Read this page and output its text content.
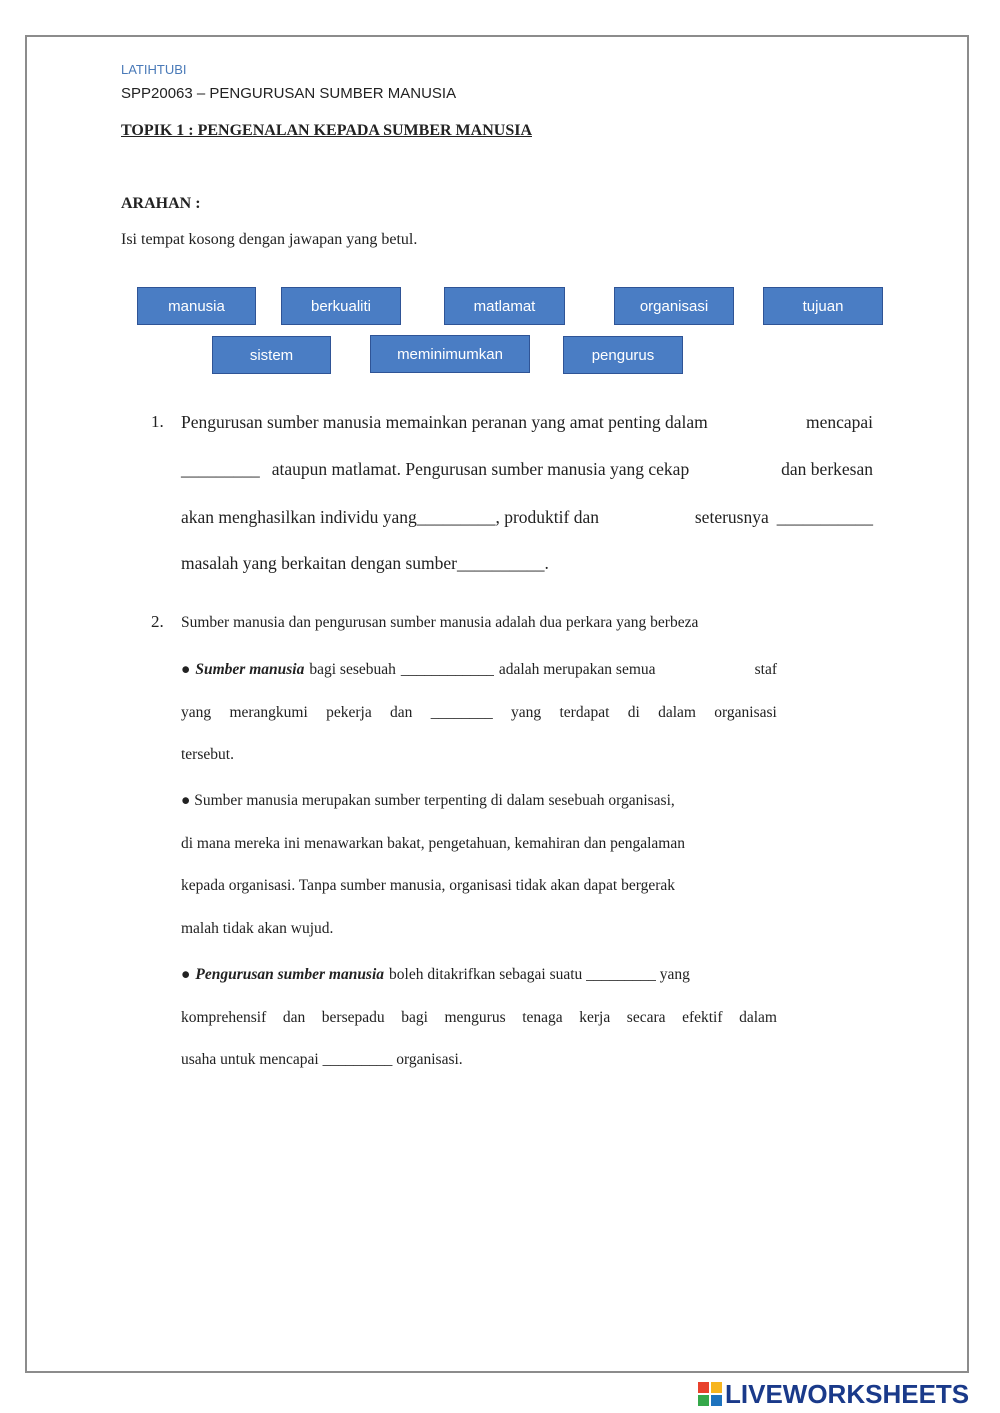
LATIHTUBI
SPP20063 – PENGURUSAN SUMBER MANUSIA
TOPIK 1 : PENGENALAN KEPADA SUMBER MANUSIA
ARAHAN :
Isi tempat kosong dengan jawapan yang betul.
manusia	berkualiti	matlamat	organisasi	tujuan
sistem	meminimumkan	pengurus
1. Pengurusan sumber manusia memainkan peranan yang amat penting dalam	mencapai
_________ ataupun matlamat. Pengurusan sumber manusia yang cekap	dan berkesan
akan menghasilkan individu yang_________, produktif dan	seterusnya ___________
masalah yang berkaitan dengan sumber__________.
2. Sumber manusia dan pengurusan sumber manusia adalah dua perkara yang berbeza
● Sumber manusia bagi sesebuah ____________ adalah merupakan semua	staf
yang merangkumi pekerja dan ________ yang terdapat di dalam organisasi
tersebut.
● Sumber manusia merupakan sumber terpenting di dalam sesebuah organisasi,
di mana mereka ini menawarkan bakat, pengetahuan, kemahiran dan pengalaman
kepada organisasi. Tanpa sumber manusia, organisasi tidak akan dapat bergerak
malah tidak akan wujud.
● Pengurusan sumber manusia boleh ditakrifkan sebagai suatu _________ yang
komprehensif dan bersepadu bagi mengurus tenaga kerja secara efektif dalam
usaha untuk mencapai _________ organisasi.
LIVEWORKSHEETS
